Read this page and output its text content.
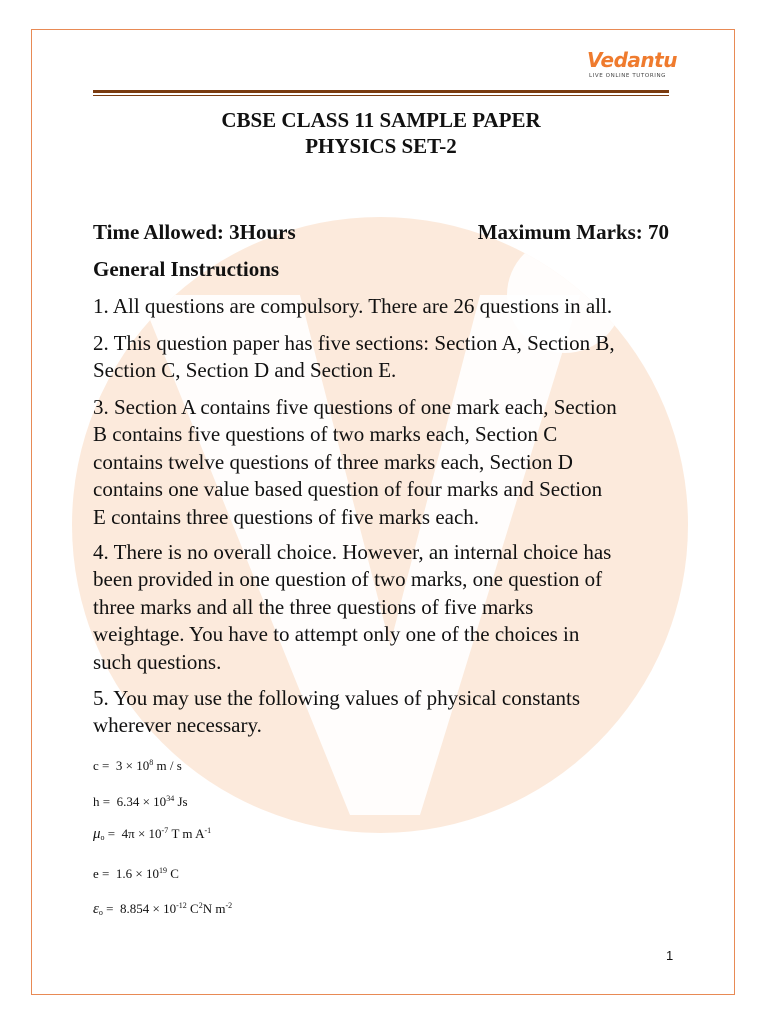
Vedantu
LIVE ONLINE TUTORING
CBSE CLASS 11 SAMPLE PAPER
PHYSICS SET-2
Time Allowed: 3Hours	Maximum Marks: 70
General Instructions
1. All questions are compulsory. There are 26 questions in all.
2. This question paper has five sections: Section A, Section B,
Section C, Section D and Section E.
3. Section A contains five questions of one mark each, Section
B contains five questions of two marks each, Section C
contains twelve questions of three marks each, Section D
contains one value based question of four marks and Section
E contains three questions of five marks each.
4. There is no overall choice. However, an internal choice has
been provided in one question of two marks, one question of
three marks and all the three questions of five marks
weightage. You have to attempt only one of the choices in
such questions.
5. You may use the following values of physical constants
wherever necessary.
$c = 3 \times 10^8$ m / s
$h = 6.34 \times 10^{34}$ Js
$\mu_o = 4\pi \times 10^{-7}$ T m $A^{-1}$
$e = 1.6 \times 10^{19}$ C
$\varepsilon_o = 8.854 \times 10^{-12}$ $C^2N$ $m^{-2}$
1
